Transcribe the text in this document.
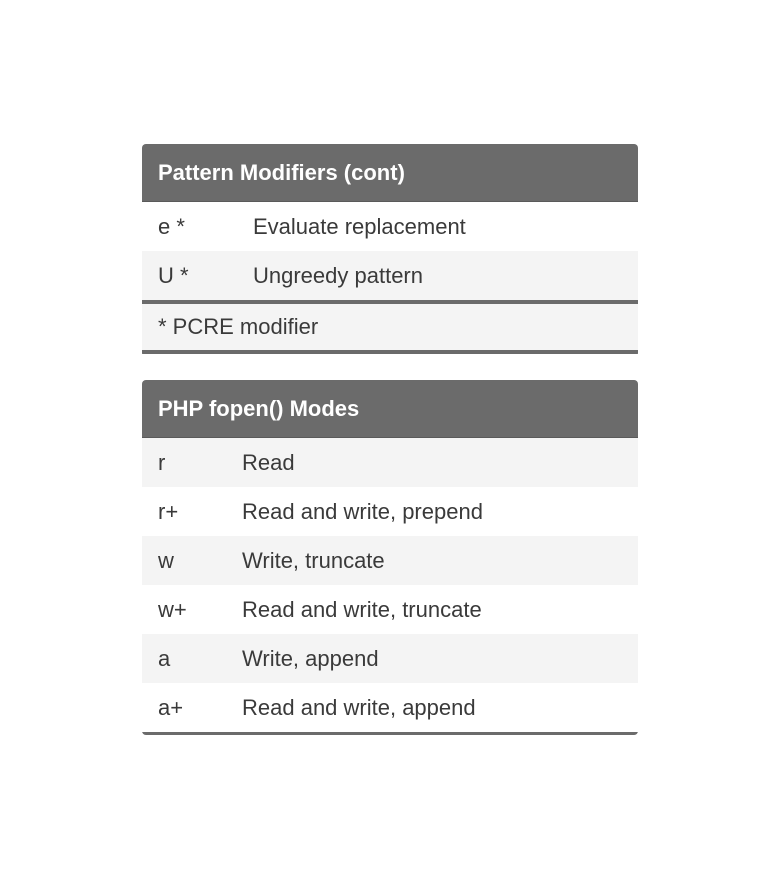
Pattern Modifiers (cont)
e *	Evaluate replacement
U *	Ungreedy pattern
* PCRE modifier
PHP fopen() Modes
r	Read
r+	Read and write, prepend
w	Write, truncate
w+	Read and write, truncate
a	Write, append
a+	Read and write, append
